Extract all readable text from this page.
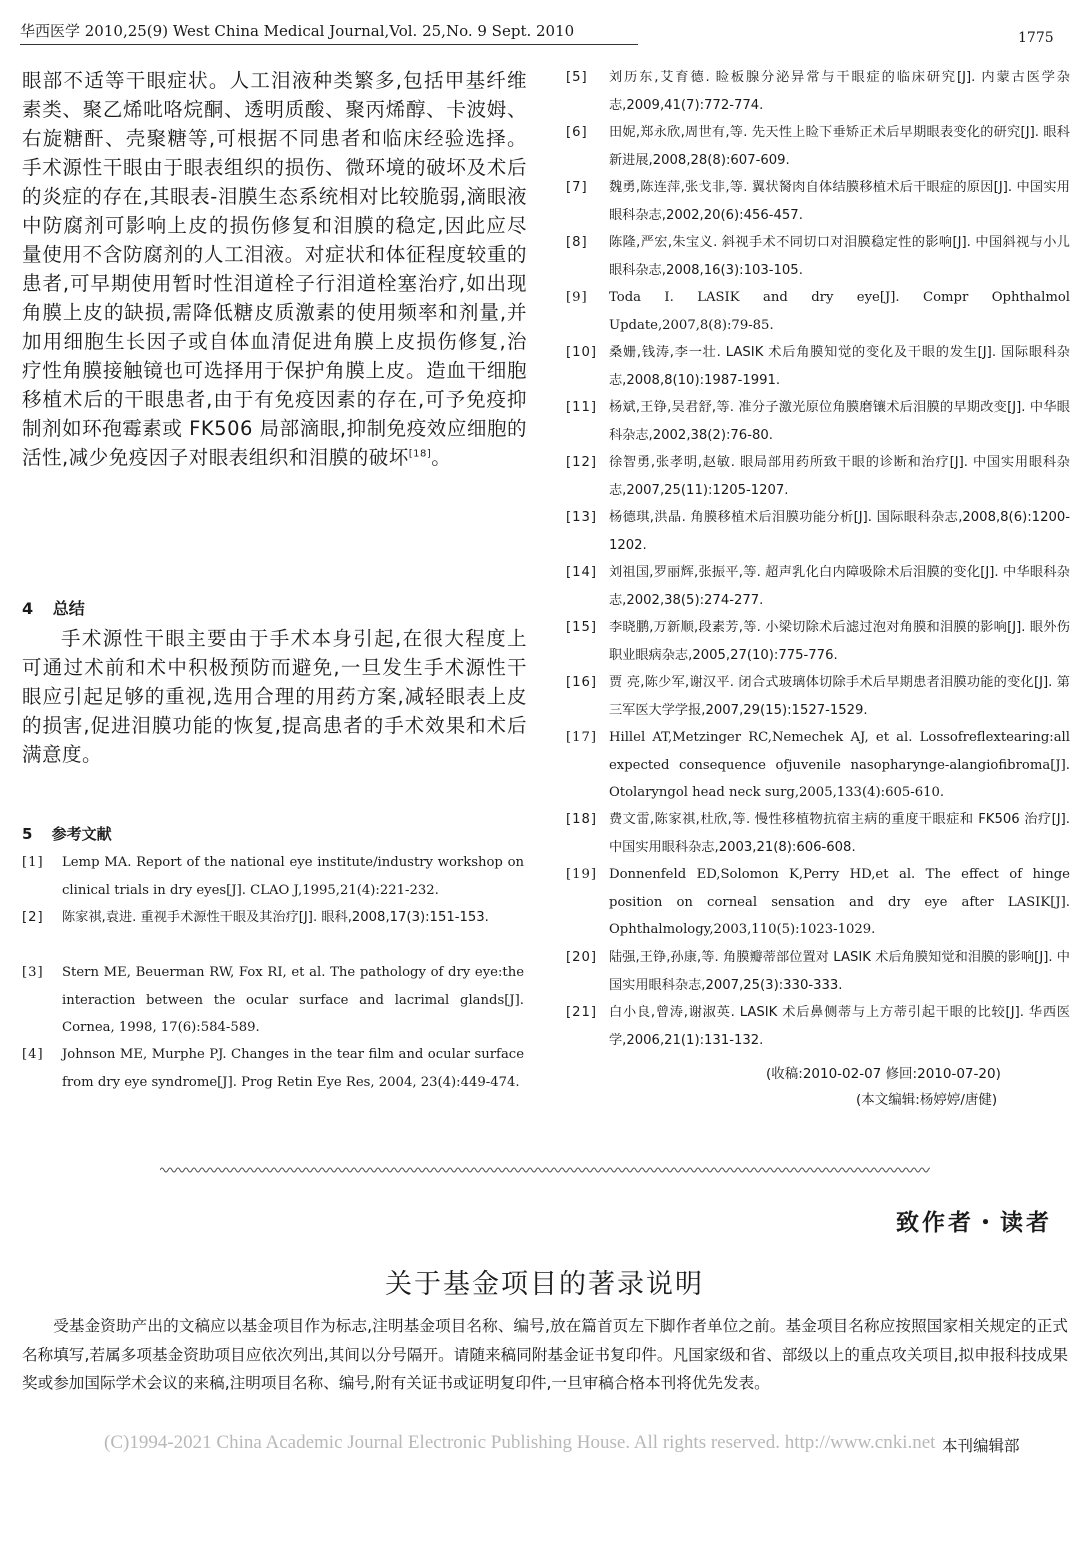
华西医学 2010,25(9) West China Medical Journal,Vol. 25,No. 9 Sept. 2010	1775
眼部不适等干眼症状。人工泪液种类繁多,包括甲基纤维素类、聚乙烯吡咯烷酮、透明质酸、聚丙烯醇、卡波姆、右旋糖酐、壳聚糖等,可根据不同患者和临床经验选择。手术源性干眼由于眼表组织的损伤、微环境的破坏及术后的炎症的存在,其眼表-泪膜生态系统相对比较脆弱,滴眼液中防腐剂可影响上皮的损伤修复和泪膜的稳定,因此应尽量使用不含防腐剂的人工泪液。对症状和体征程度较重的患者,可早期使用暂时性泪道栓子行泪道栓塞治疗,如出现角膜上皮的缺损,需降低糖皮质激素的使用频率和剂量,并加用细胞生长因子或自体血清促进角膜上皮损伤修复,治疗性角膜接触镜也可选择用于保护角膜上皮。造血干细胞移植术后的干眼患者,由于有免疫因素的存在,可予免疫抑制剂如环孢霉素或 FK506 局部滴眼,抑制免疫效应细胞的活性,减少免疫因子对眼表组织和泪膜的破坏[18]。
4 总结
手术源性干眼主要由于手术本身引起,在很大程度上可通过术前和术中积极预防而避免,一旦发生手术源性干眼应引起足够的重视,选用合理的用药方案,减轻眼表上皮的损害,促进泪膜功能的恢复,提高患者的手术效果和术后满意度。
5 参考文献
[1] Lemp MA. Report of the national eye institute/industry workshop on clinical trials in dry eyes[J]. CLAO J,1995,21(4):221-232.
[2] 陈家祺,袁进. 重视手术源性干眼及其治疗[J]. 眼科,2008,17(3):151-153.
[3] Stern ME, Beuerman RW, Fox RI, et al. The pathology of dry eye:the interaction between the ocular surface and lacrimal glands[J]. Cornea, 1998, 17(6):584-589.
[4] Johnson ME, Murphe PJ. Changes in the tear film and ocular surface from dry eye syndrome[J]. Prog Retin Eye Res, 2004, 23(4):449-474.
[5] 刘历东,艾育德. 睑板腺分泌异常与干眼症的临床研究[J]. 内蒙古医学杂志,2009,41(7):772-774.
[6] 田妮,郑永欣,周世有,等. 先天性上睑下垂矫正术后早期眼表变化的研究[J]. 眼科新进展,2008,28(8):607-609.
[7] 魏勇,陈连萍,张戈非,等. 翼状胬肉自体结膜移植术后干眼症的原因[J]. 中国实用眼科杂志,2002,20(6):456-457.
[8] 陈隆,严宏,朱宝义. 斜视手术不同切口对泪膜稳定性的影响[J]. 中国斜视与小儿眼科杂志,2008,16(3):103-105.
[9] Toda I. LASIK and dry eye[J]. Compr Ophthalmol Update,2007,8(8):79-85.
[10] 桑姗,钱涛,李一壮. LASIK 术后角膜知觉的变化及干眼的发生[J]. 国际眼科杂志,2008,8(10):1987-1991.
[11] 杨斌,王铮,吴君舒,等. 准分子激光原位角膜磨镶术后泪膜的早期改变[J]. 中华眼科杂志,2002,38(2):76-80.
[12] 徐智勇,张孝明,赵敏. 眼局部用药所致干眼的诊断和治疗[J]. 中国实用眼科杂志,2007,25(11):1205-1207.
[13] 杨德琪,洪晶. 角膜移植术后泪膜功能分析[J]. 国际眼科杂志,2008,8(6):1200-1202.
[14] 刘祖国,罗丽辉,张振平,等. 超声乳化白内障吸除术后泪膜的变化[J]. 中华眼科杂志,2002,38(5):274-277.
[15] 李晓鹏,万新顺,段素芳,等. 小梁切除术后滤过泡对角膜和泪膜的影响[J]. 眼外伤职业眼病杂志,2005,27(10):775-776.
[16] 贾 亮,陈少军,谢汉平. 闭合式玻璃体切除手术后早期患者泪膜功能的变化[J]. 第三军医大学学报,2007,29(15):1527-1529.
[17] Hillel AT,Metzinger RC,Nemechek AJ, et al. Lossofreflextearing:all expected consequence ofjuvenile nasopharynge-alangiofibroma[J]. Otolaryngol head neck surg,2005,133(4):605-610.
[18] 费文雷,陈家祺,杜欣,等. 慢性移植物抗宿主病的重度干眼症和 FK506 治疗[J]. 中国实用眼科杂志,2003,21(8):606-608.
[19] Donnenfeld ED,Solomon K,Perry HD,et al. The effect of hinge position on corneal sensation and dry eye after LASIK[J]. Ophthalmology,2003,110(5):1023-1029.
[20] 陆强,王铮,孙康,等. 角膜瓣蒂部位置对 LASIK 术后角膜知觉和泪膜的影响[J]. 中国实用眼科杂志,2007,25(3):330-333.
[21] 白小良,曾涛,谢淑英. LASIK 术后鼻侧蒂与上方蒂引起干眼的比较[J]. 华西医学,2006,21(1):131-132.
(收稿:2010-02-07 修回:2010-07-20)
(本文编辑:杨婷婷/唐健)
致作者・读者
关于基金项目的著录说明
受基金资助产出的文稿应以基金项目作为标志,注明基金项目名称、编号,放在篇首页左下脚作者单位之前。基金项目名称应按照国家相关规定的正式名称填写,若属多项基金资助项目应依次列出,其间以分号隔开。请随来稿同附基金证书复印件。凡国家级和省、部级以上的重点攻关项目,拟申报科技成果奖或参加国际学术会议的来稿,注明项目名称、编号,附有关证书或证明复印件,一旦审稿合格本刊将优先发表。
(C)1994-2021 China Academic Journal Electronic Publishing House. All rights reserved. http://www.cnki.net 本刊编辑部
